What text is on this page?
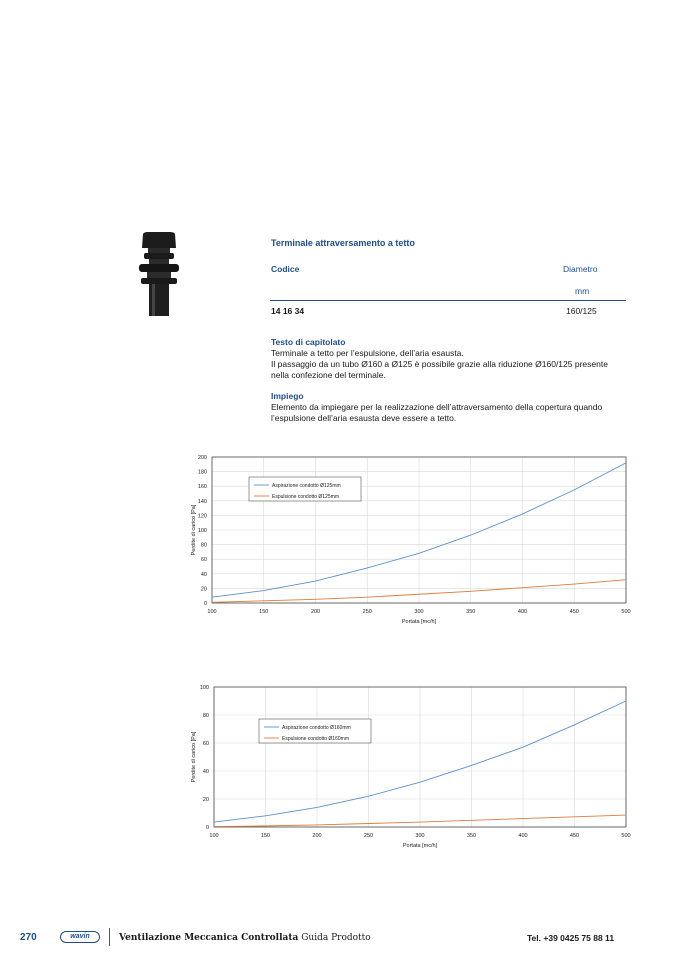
Terminale attraversamento a tetto
Codice	Diametro
mm
14 16 34	160/125
Testo di capitolato
Terminale a tetto per l’espulsione, dell’aria esausta.
Il passaggio da un tubo Ø160 a Ø125 è possibile grazie alla riduzione Ø160/125 presente
nella confezione del terminale.
Impiego
Elemento da impiegare per la realizzazione dell’attraversamento della copertura quando
l’espulsione dell’aria esausta deve essere a tetto.
100	150	200	250	300	350	400	450	500
0
20
40
60
80
100
120
140
160
180
200
Portata [mc/h]
Perdite di carico [Pa]
Aspirazione condotto Ø125mm
Espulsione condotto Ø125mm
100	150	200	250	300	350	400	450	500
0
20
40
60
80
100
Portata [mc/h]
Perdite di carico [Pa]
Aspirazione condotto Ø160mm
Espulsione condotto Ø160mm
270	wavin	Ventilazione Meccanica Controllata Guida Prodotto	Tel. +39 0425 75 88 11
